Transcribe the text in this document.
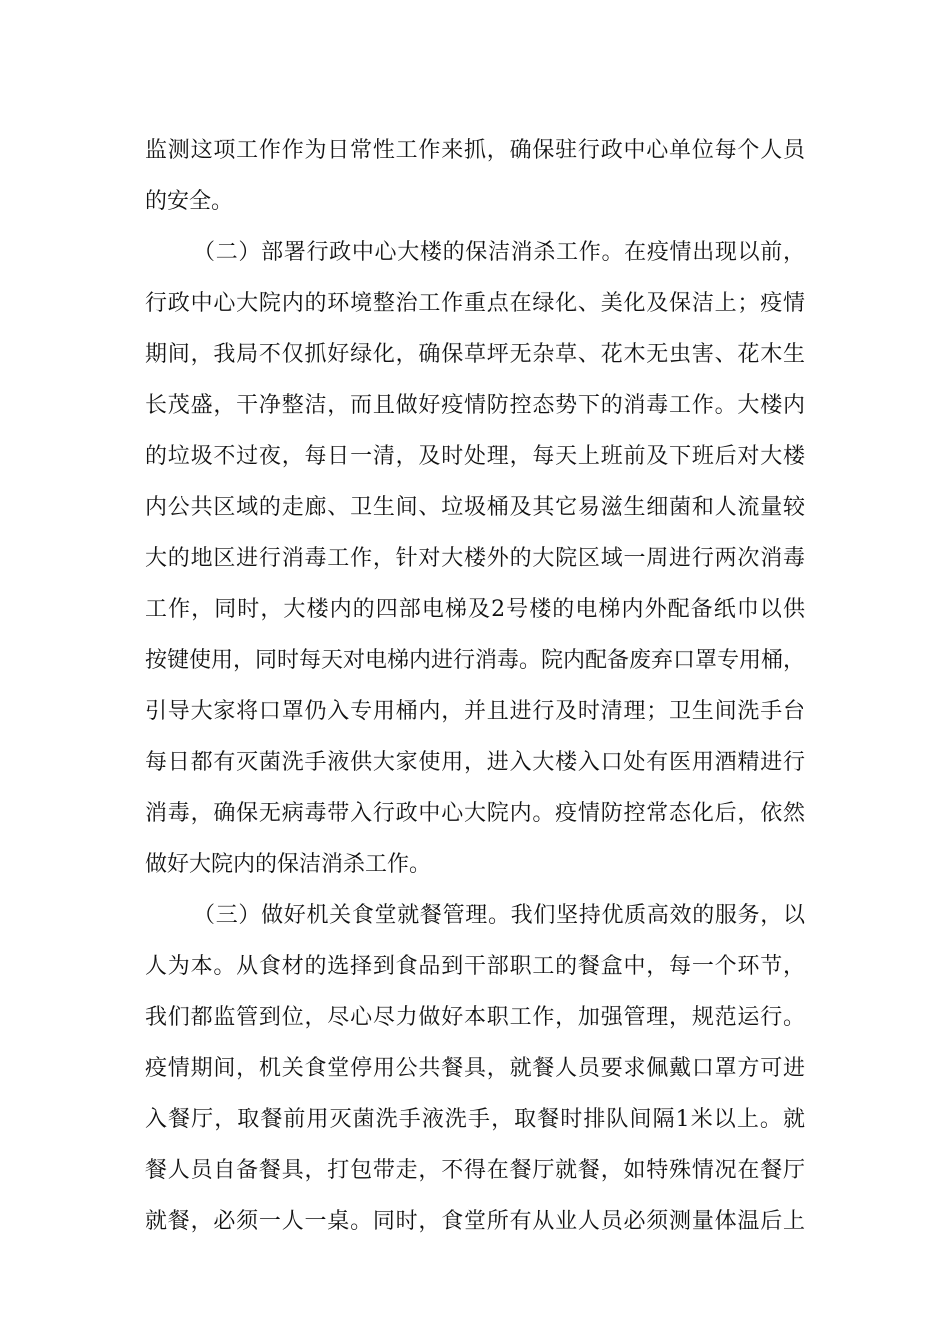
监测这项工作作为日常性工作来抓，确保驻行政中心单位每个人员
的安全。
（二）部署行政中心大楼的保洁消杀工作。在疫情出现以前，
行政中心大院内的环境整治工作重点在绿化、美化及保洁上；疫情
期间，我局不仅抓好绿化，确保草坪无杂草、花木无虫害、花木生
长茂盛，干净整洁，而且做好疫情防控态势下的消毒工作。大楼内
的垃圾不过夜，每日一清，及时处理，每天上班前及下班后对大楼
内公共区域的走廊、卫生间、垃圾桶及其它易滋生细菌和人流量较
大的地区进行消毒工作，针对大楼外的大院区域一周进行两次消毒
工作，同时，大楼内的四部电梯及2号楼的电梯内外配备纸巾以供
按键使用，同时每天对电梯内进行消毒。院内配备废弃口罩专用桶，
引导大家将口罩仍入专用桶内，并且进行及时清理；卫生间洗手台
每日都有灭菌洗手液供大家使用，进入大楼入口处有医用酒精进行
消毒，确保无病毒带入行政中心大院内。疫情防控常态化后，依然
做好大院内的保洁消杀工作。
（三）做好机关食堂就餐管理。我们坚持优质高效的服务，以
人为本。从食材的选择到食品到干部职工的餐盒中，每一个环节，
我们都监管到位，尽心尽力做好本职工作，加强管理，规范运行。
疫情期间，机关食堂停用公共餐具，就餐人员要求佩戴口罩方可进
入餐厅，取餐前用灭菌洗手液洗手，取餐时排队间隔1米以上。就
餐人员自备餐具，打包带走，不得在餐厅就餐，如特殊情况在餐厅
就餐，必须一人一桌。同时，食堂所有从业人员必须测量体温后上
